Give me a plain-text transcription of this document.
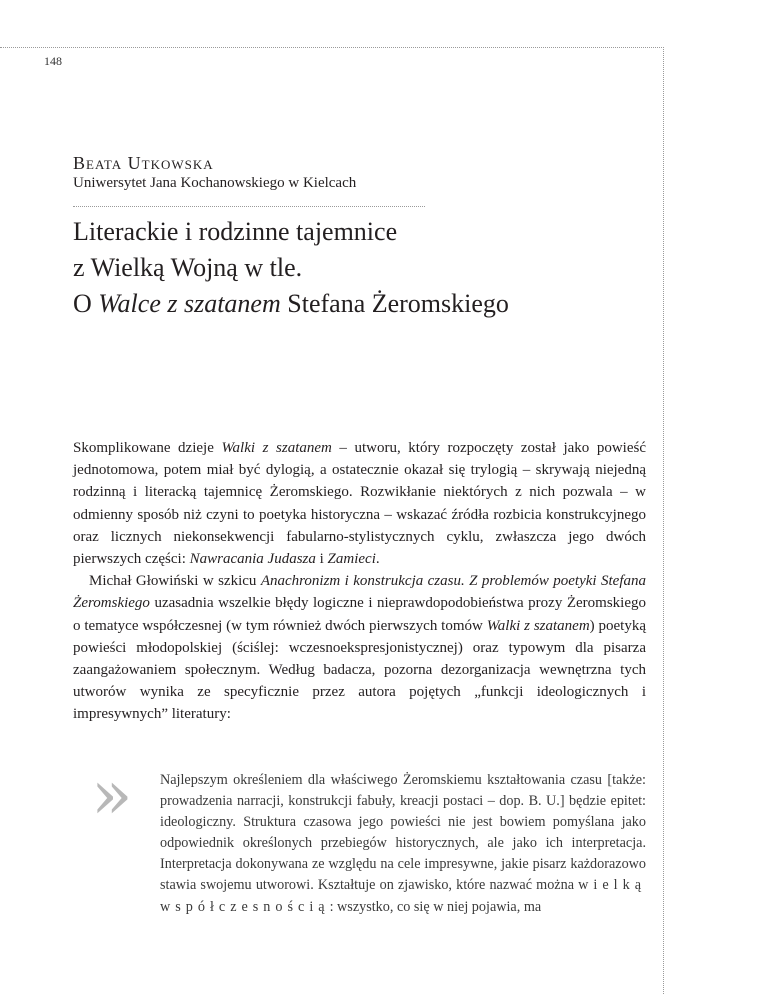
148
Beata Utkowska
Uniwersytet Jana Kochanowskiego w Kielcach
Literackie i rodzinne tajemnice
z Wielką Wojną w tle.
O Walce z szatanem Stefana Żeromskiego

Skomplikowane dzieje Walki z szatanem – utworu, który rozpoczęty został jako powieść jednotomowa, potem miał być dylogią, a ostatecznie okazał się trylogią – skrywają niejedną rodzinną i literacką tajemnicę Żeromskiego. Rozwikłanie niektórych z nich pozwala – w odmienny sposób niż czyni to poetyka historyczna – wskazać źródła rozbicia konstrukcyjnego oraz licznych niekonsekwencji fabularno-stylistycznych cyklu, zwłaszcza jego dwóch pierwszych części: Nawracania Judasza i Zamieci.

Michał Głowiński w szkicu Anachronizm i konstrukcja czasu. Z problemów poetyki Stefana Żeromskiego uzasadnia wszelkie błędy logiczne i nieprawdopodobieństwa prozy Żeromskiego o tematyce współczesnej (w tym również dwóch pierwszych tomów Walki z szatanem) poetyką powieści młodopolskiej (ściślej: wczesnoekspresjonistycznej) oraz typowym dla pisarza zaangażowaniem społecznym. Według badacza, pozorna dezorganizacja wewnętrzna tych utworów wynika ze specyficznie przez autora pojętych „funkcji ideologicznych i impresywnych” literatury:

» Najlepszym określeniem dla właściwego Żeromskiemu kształtowania czasu [także: prowadzenia narracji, konstrukcji fabuły, kreacji postaci – dop. B. U.] będzie epitet: ideologiczny. Struktura czasowa jego powieści nie jest bowiem pomyślana jako odpowiednik określonych przebiegów historycznych, ale jako ich interpretacja. Interpretacja dokonywana ze względu na cele impresywne, jakie pisarz każdorazowo stawia swojemu utworowi. Kształtuje on zjawisko, które nazwać można wielką współczesnością: wszystko, co się w niej pojawia, ma
